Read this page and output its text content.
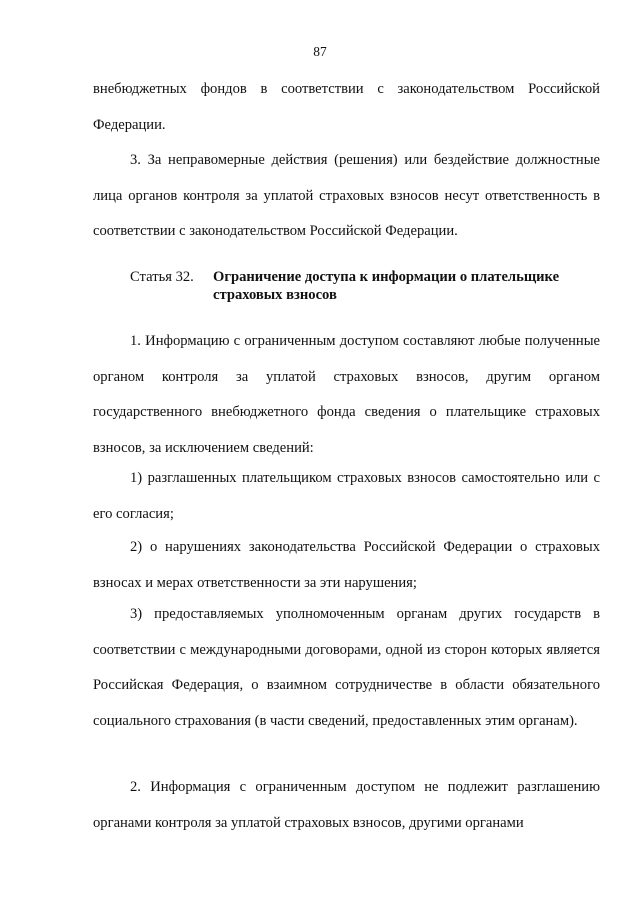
87

внебюджетных фондов в соответствии с законодательством Российской Федерации.

3. За неправомерные действия (решения) или бездействие должностные лица органов контроля за уплатой страховых взносов несут ответственность в соответствии с законодательством Российской Федерации.

Статья 32. Ограничение доступа к информации о плательщике
страховых взносов

1. Информацию с ограниченным доступом составляют любые полученные органом контроля за уплатой страховых взносов, другим органом государственного внебюджетного фонда сведения о плательщике страховых взносов, за исключением сведений:

1) разглашенных плательщиком страховых взносов самостоятельно или с его согласия;

2) о нарушениях законодательства Российской Федерации о страховых взносах и мерах ответственности за эти нарушения;

3) предоставляемых уполномоченным органам других государств в соответствии с международными договорами, одной из сторон которых является Российская Федерация, о взаимном сотрудничестве в области обязательного социального страхования (в части сведений, предоставленных этим органам).

2. Информация с ограниченным доступом не подлежит разглашению органами контроля за уплатой страховых взносов, другими органами
